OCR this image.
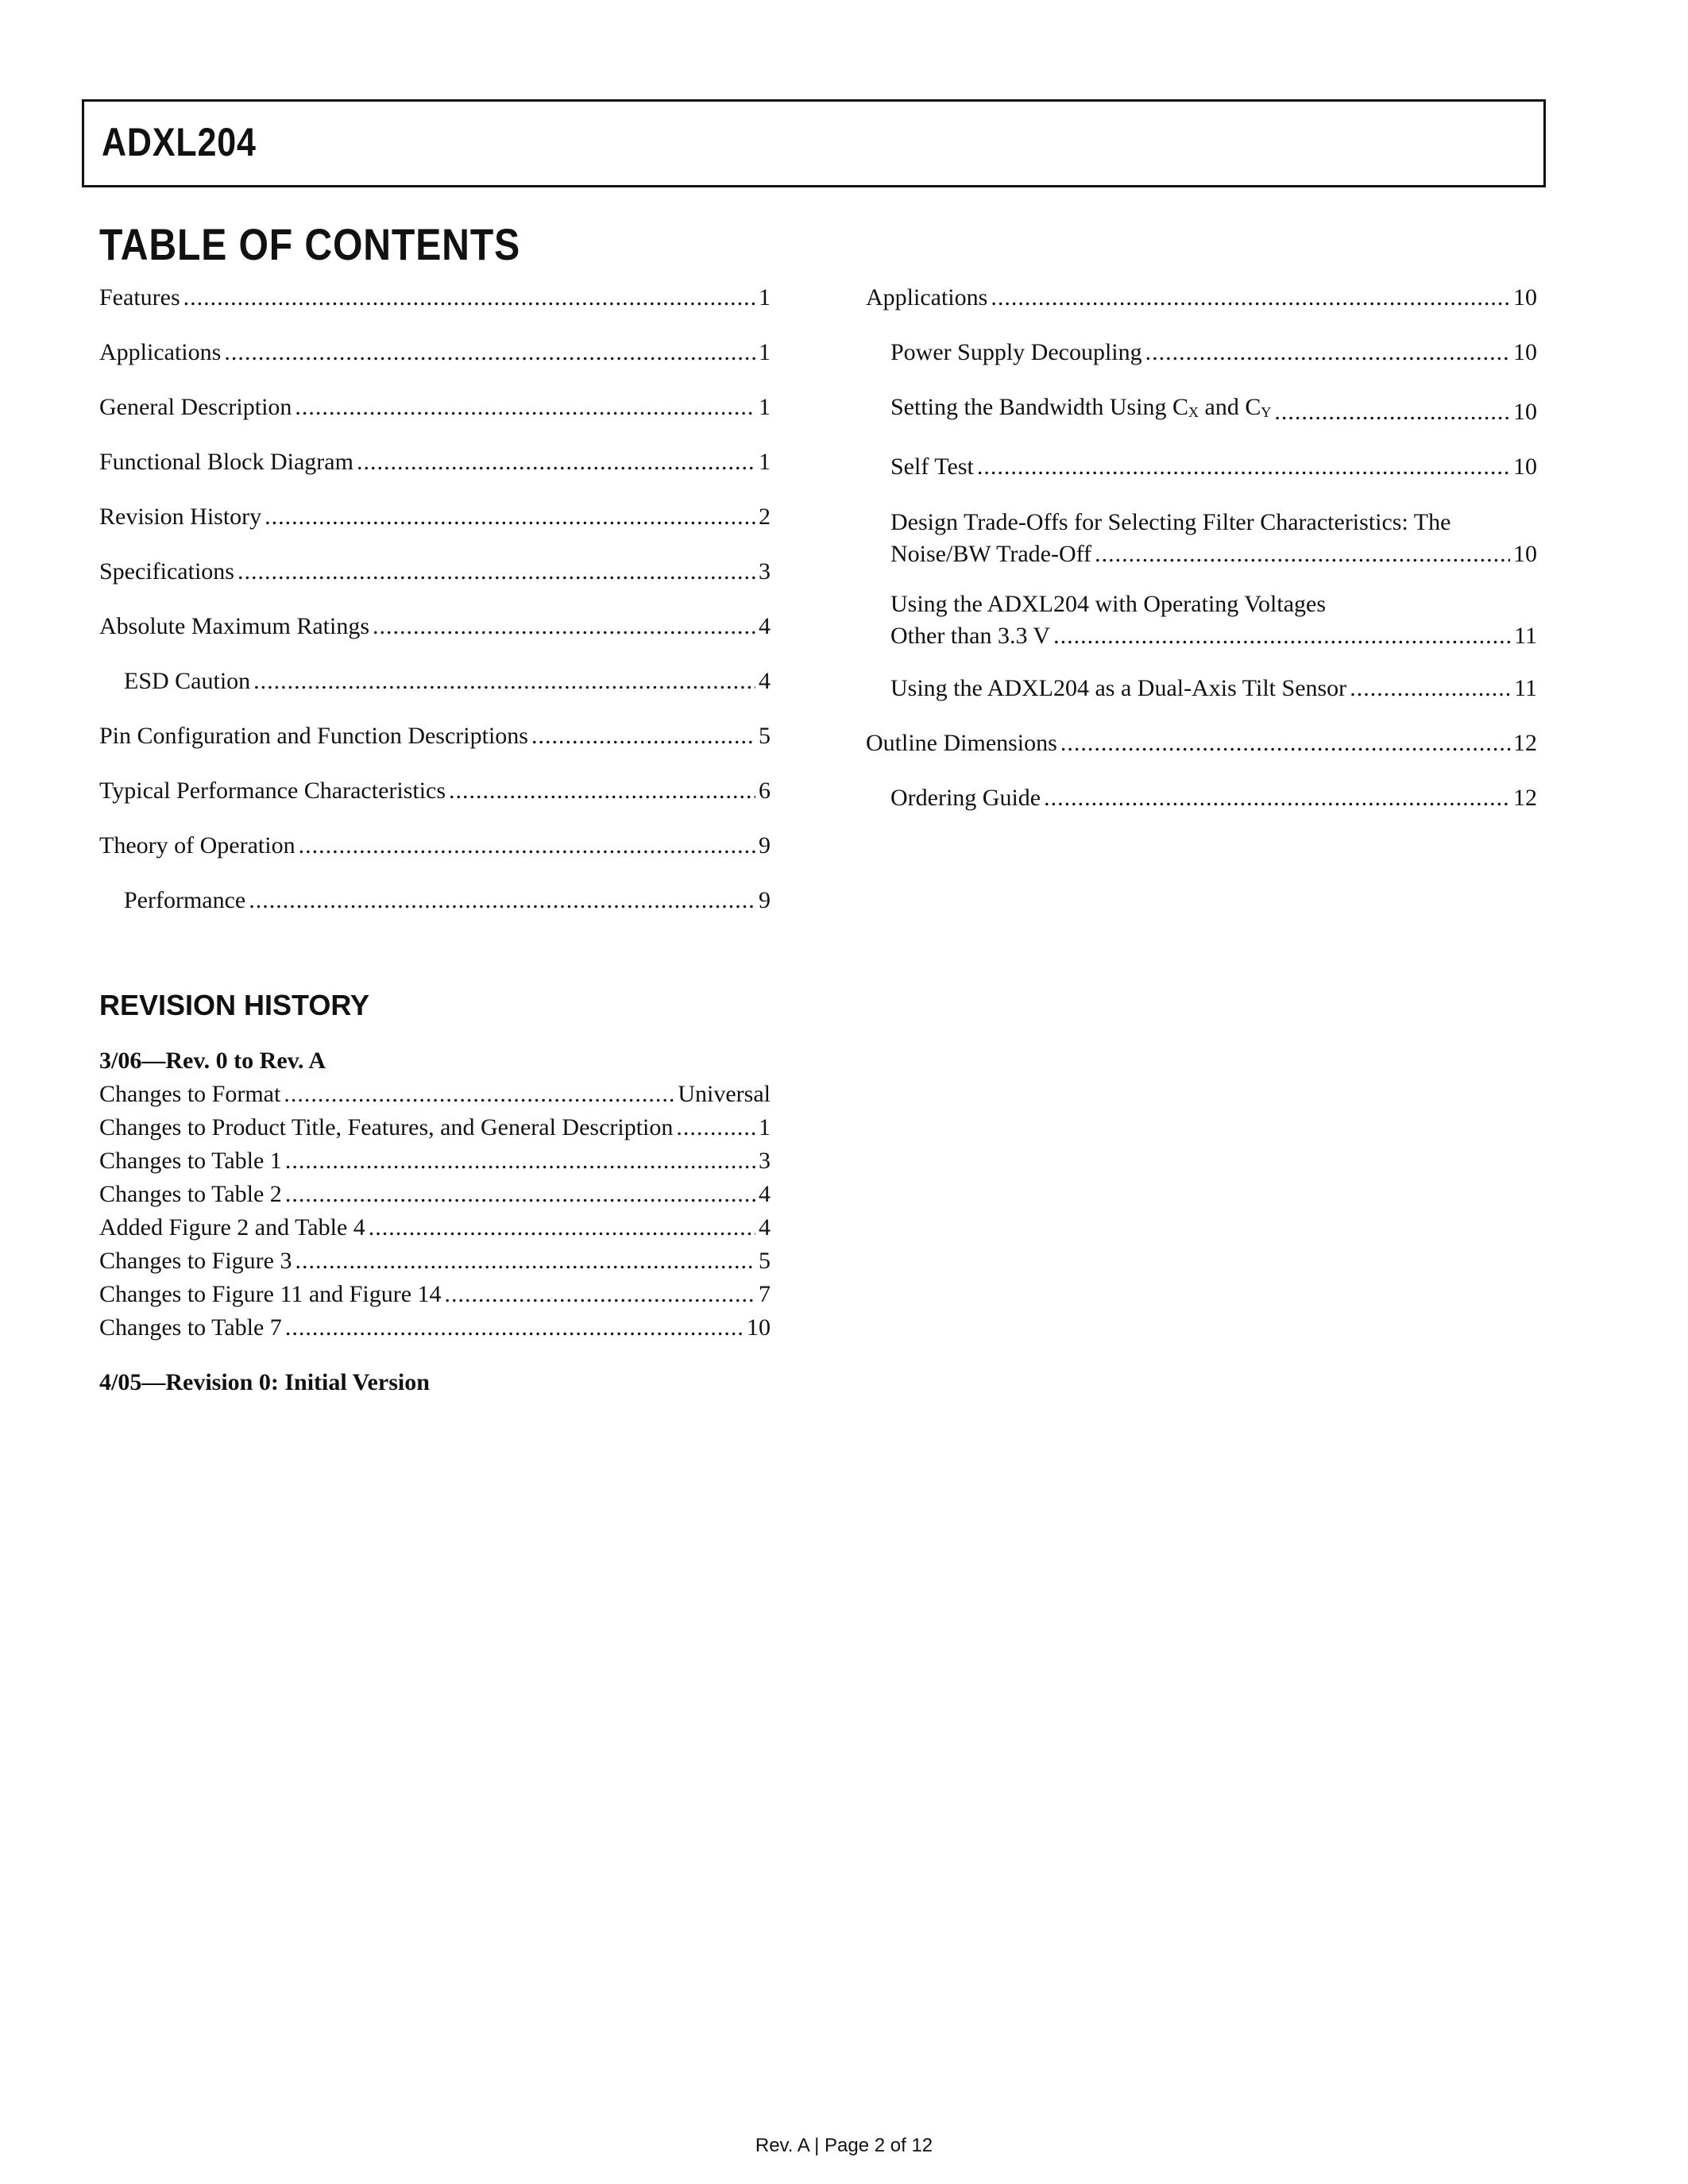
ADXL204
TABLE OF CONTENTS
Features .....	1
Applications .....	1
General Description .....	1
Functional Block Diagram .....	1
Revision History .....	2
Specifications .....	3
Absolute Maximum Ratings .....	4
ESD Caution .....	4
Pin Configuration and Function Descriptions .....	5
Typical Performance Characteristics .....	6
Theory of Operation .....	9
Performance .....	9
Applications .....	10
Power Supply Decoupling .....	10
Setting the Bandwidth Using $C_X$ and $C_Y$ .....	10
Self Test .....	10
Design Trade-Offs for Selecting Filter Characteristics: The
Noise/BW Trade-Off .....	10
Using the ADXL204 with Operating Voltages
Other than 3.3 V .....	11
Using the ADXL204 as a Dual-Axis Tilt Sensor .....	11
Outline Dimensions .....	12
Ordering Guide .....	12
REVISION HISTORY
3/06—Rev. 0 to Rev. A
Changes to Format .....	Universal
Changes to Product Title, Features, and General Description .....	1
Changes to Table 1 .....	3
Changes to Table 2 .....	4
Added Figure 2 and Table 4 .....	4
Changes to Figure 3 .....	5
Changes to Figure 11 and Figure 14 .....	7
Changes to Table 7 .....	10
4/05—Revision 0: Initial Version
Rev. A | Page 2 of 12
